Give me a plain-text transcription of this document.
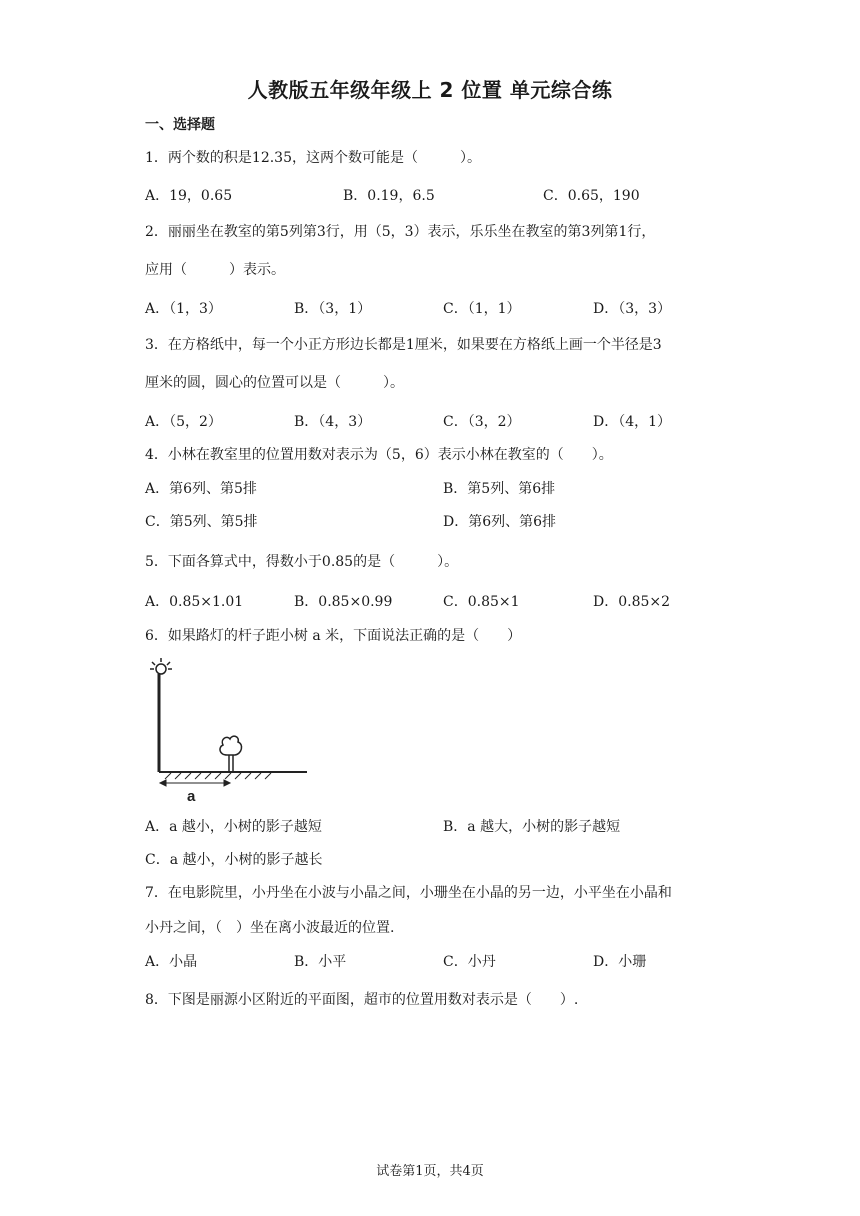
人教版五年级年级上 2 位置 单元综合练
一、选择题
1．两个数的积是12.35，这两个数可能是（　　　）。
A．19，0.65	B．0.19，6.5	C．0.65，190
2．丽丽坐在教室的第5列第3行，用（5，3）表示，乐乐坐在教室的第3列第1行，
应用（　　　）表示。
A．（1，3）	B．（3，1）	C．（1，1）	D．（3，3）
3．在方格纸中，每一个小正方形边长都是1厘米，如果要在方格纸上画一个半径是3
厘米的圆，圆心的位置可以是（　　　）。
A．（5，2）	B．（4，3）	C．（3，2）	D．（4，1）
4．小林在教室里的位置用数对表示为（5，6）表示小林在教室的（　　）。
A．第6列、第5排	B．第5列、第6排
C．第5列、第5排	D．第6列、第6排
5．下面各算式中，得数小于0.85的是（　　　）。
A．0.85×1.01	B．0.85×0.99	C．0.85×1	D．0.85×2
6．如果路灯的杆子距小树 a 米，下面说法正确的是（　　）
a
A．a 越小，小树的影子越短	B．a 越大，小树的影子越短
C．a 越小，小树的影子越长
7．在电影院里，小丹坐在小波与小晶之间，小珊坐在小晶的另一边，小平坐在小晶和
小丹之间，（　）坐在离小波最近的位置.
A．小晶	B．小平	C．小丹	D．小珊
8．下图是丽源小区附近的平面图，超市的位置用数对表示是（　　）.
试卷第1页，共4页
